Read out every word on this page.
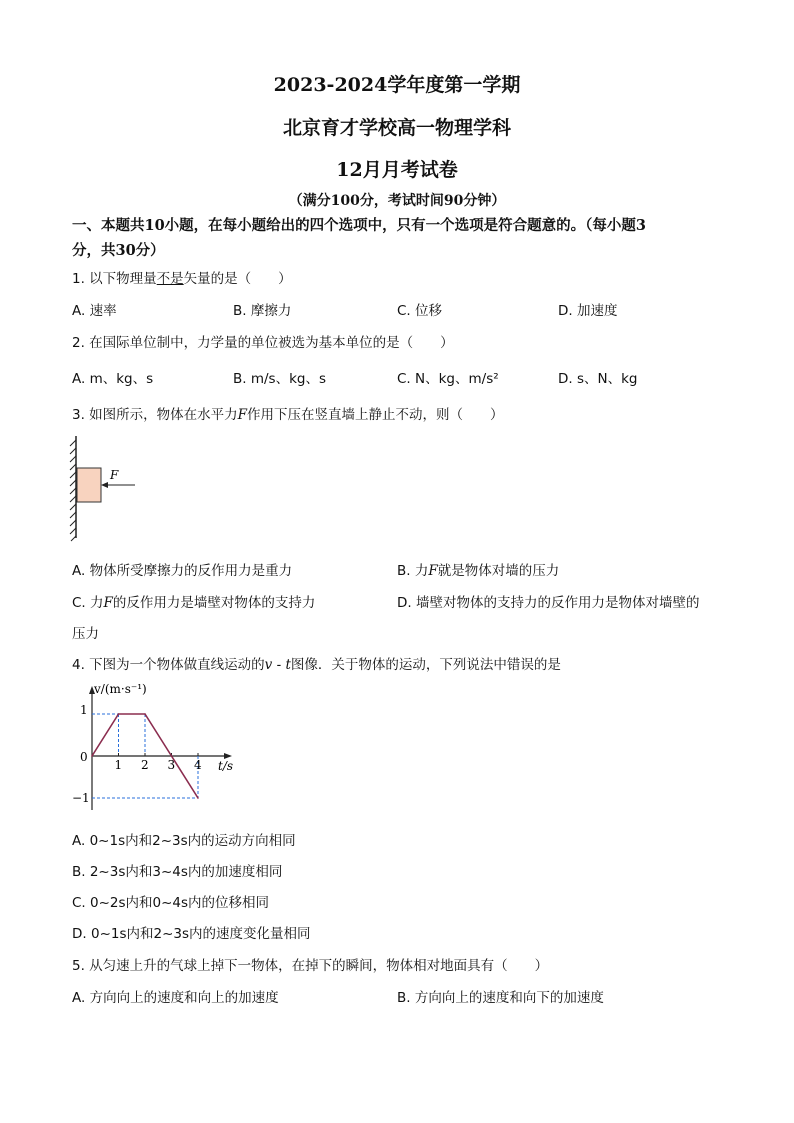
2023-2024学年度第一学期
北京育才学校高一物理学科
12月月考试卷
（满分100分，考试时间90分钟）
一、本题共10小题，在每小题给出的四个选项中，只有一个选项是符合题意的。（每小题3
分，共30分）
1. 以下物理量不是矢量的是（　　）
A. 速率	B. 摩擦力	C. 位移	D. 加速度
2. 在国际单位制中，力学量的单位被选为基本单位的是（　　）
A. m、kg、s	B. m/s、kg、s	C. N、kg、m/s²	D. s、N、kg
3. 如图所示，物体在水平力F作用下压在竖直墙上静止不动，则（　　）
F
A. 物体所受摩擦力的反作用力是重力	B. 力F就是物体对墙的压力
C. 力F的反作用力是墙壁对物体的支持力	D. 墙壁对物体的支持力的反作用力是物体对墙壁的
压力
4. 下图为一个物体做直线运动的v - t图像．关于物体的运动，下列说法中错误的是
v/(m·s⁻¹)
t/s
0
1
−1
1 2 3 4
A. 0~1s内和2~3s内的运动方向相同
B. 2~3s内和3~4s内的加速度相同
C. 0~2s内和0~4s内的位移相同
D. 0~1s内和2~3s内的速度变化量相同
5. 从匀速上升的气球上掉下一物体，在掉下的瞬间，物体相对地面具有（　　）
A. 方向向上的速度和向上的加速度	B. 方向向上的速度和向下的加速度
